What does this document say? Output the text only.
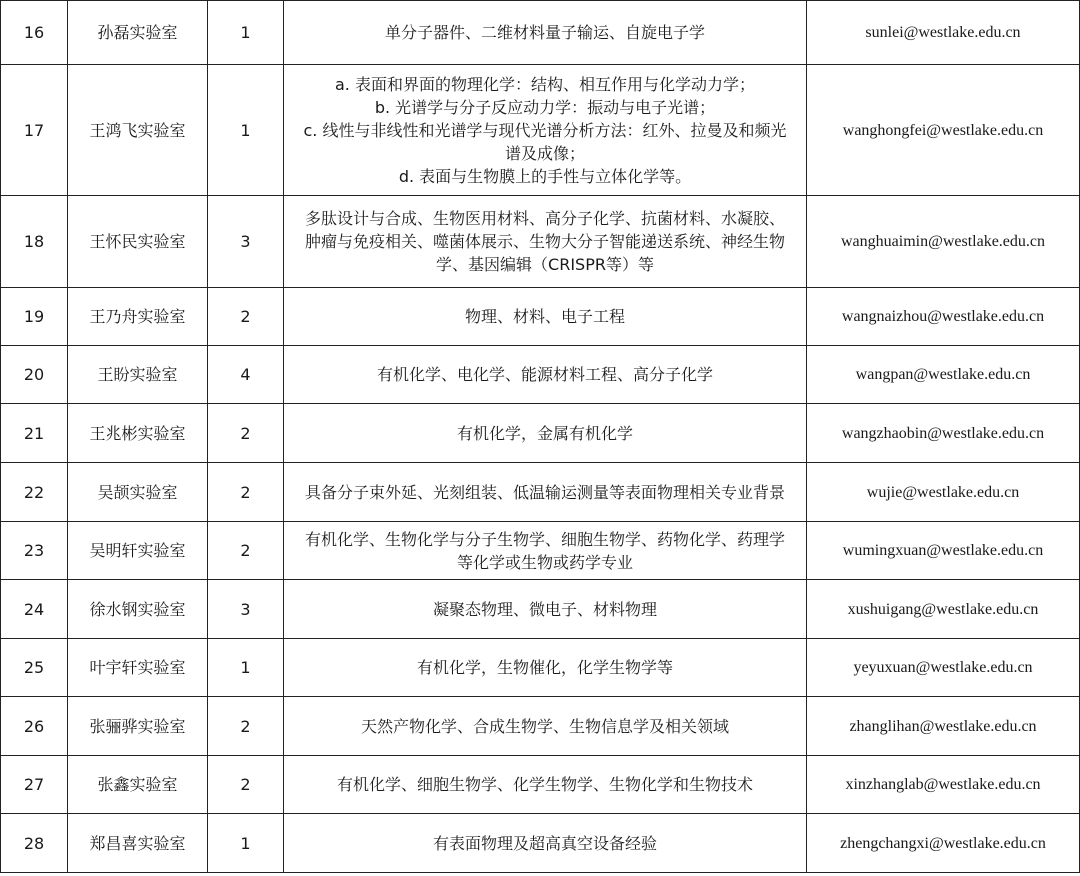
16	孙磊实验室	1	单分子器件、二维材料量子输运、自旋电子学	sunlei@westlake.edu.cn
17	王鸿飞实验室	1	a. 表面和界面的物理化学：结构、相互作用与化学动力学；
b. 光谱学与分子反应动力学：振动与电子光谱；
c. 线性与非线性和光谱学与现代光谱分析方法：红外、拉曼及和频光
谱及成像；
d. 表面与生物膜上的手性与立体化学等。	wanghongfei@westlake.edu.cn
18	王怀民实验室	3	多肽设计与合成、生物医用材料、高分子化学、抗菌材料、水凝胶、
肿瘤与免疫相关、噬菌体展示、生物大分子智能递送系统、神经生物
学、基因编辑（CRISPR等）等	wanghuaimin@westlake.edu.cn
19	王乃舟实验室	2	物理、材料、电子工程	wangnaizhou@westlake.edu.cn
20	王盼实验室	4	有机化学、电化学、能源材料工程、高分子化学	wangpan@westlake.edu.cn
21	王兆彬实验室	2	有机化学，金属有机化学	wangzhaobin@westlake.edu.cn
22	吴颉实验室	2	具备分子束外延、光刻组装、低温输运测量等表面物理相关专业背景	wujie@westlake.edu.cn
23	吴明轩实验室	2	有机化学、生物化学与分子生物学、细胞生物学、药物化学、药理学
等化学或生物或药学专业	wumingxuan@westlake.edu.cn
24	徐水钢实验室	3	凝聚态物理、微电子、材料物理	xushuigang@westlake.edu.cn
25	叶宇轩实验室	1	有机化学，生物催化，化学生物学等	yeyuxuan@westlake.edu.cn
26	张骊骅实验室	2	天然产物化学、合成生物学、生物信息学及相关领域	zhanglihan@westlake.edu.cn
27	张鑫实验室	2	有机化学、细胞生物学、化学生物学、生物化学和生物技术	xinzhanglab@westlake.edu.cn
28	郑昌喜实验室	1	有表面物理及超高真空设备经验	zhengchangxi@westlake.edu.cn
